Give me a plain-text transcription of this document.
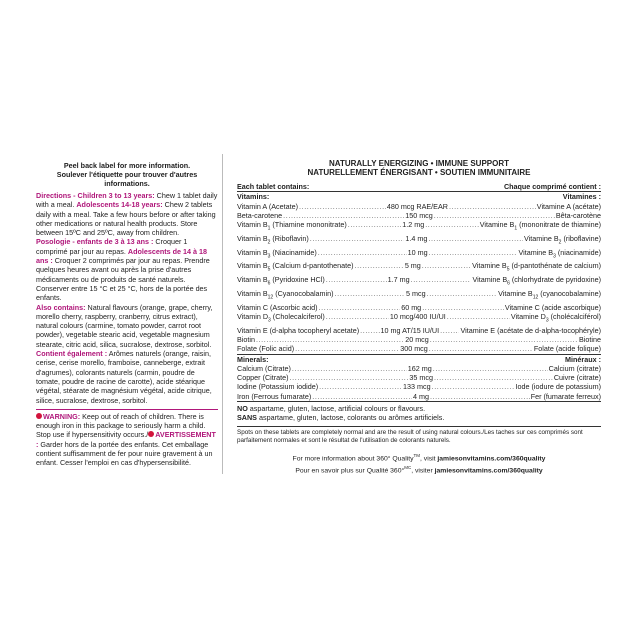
Peel back label for more information.
Soulever l'étiquette pour trouver d'autres informations.

Directions - Children 3 to 13 years: Chew 1 tablet daily with a meal. Adolescents 14-18 years: Chew 2 tablets daily with a meal. Take a few hours before or after taking other medications or natural health products. Store between 15ºC and 25ºC, away from children.

Posologie - enfants de 3 à 13 ans : Croquer 1 comprimé par jour au repas. Adolescents de 14 à 18 ans : Croquer 2 comprimés par jour au repas. Prendre quelques heures avant ou après la prise d'autres médicaments ou de produits de santé naturels. Conserver entre 15 °C et 25 °C, hors de la portée des enfants.

Also contains: Natural flavours (orange, grape, cherry, morello cherry, raspberry, cranberry, citrus extract), natural colours (carmine, tomato powder, carrot root powder), vegetable stearic acid, vegetable magnesium stearate, citric acid, silica, sucralose, dextrose, sorbitol.

Contient également : Arômes naturels (orange, raisin, cerise, cerise morello, framboise, canneberge, extrait d'agrumes), colorants naturels (carmin, poudre de tomate, poudre de racine de carotte), acide stéarique végétal, stéarate de magnésium végétal, acide citrique, silice, sucralose, dextrose, sorbitol.

WARNING: Keep out of reach of children. There is enough iron in this package to seriously harm a child. Stop use if hypersensitivity occurs./ AVERTISSEMENT : Garder hors de la portée des enfants. Cet emballage contient suffisamment de fer pour nuire gravement à un enfant. Cesser l'emploi en cas d'hypersensibilité.

NATURALLY ENERGIZING • IMMUNE SUPPORT
NATURELLEMENT ÉNERGISANT • SOUTIEN IMMUNITAIRE
Each tablet contains:	Chaque comprimé contient :
Vitamins:	Vitamines :
Vitamin A (Acetate) .....	480 mcg RAE/EAR .....	Vitamine A (acétate)
Beta-carotene .....	150 mcg .....	Bêta-carotène
Vitamin $B_1$ (Thiamine mononitrate) .....	1.2 mg .....	Vitamine $B_1$ (mononitrate de thiamine)
Vitamin $B_2$ (Riboflavin) .....	1.4 mg .....	Vitamine $B_2$ (riboflavine)
Vitamin $B_3$ (Niacinamide) .....	10 mg .....	Vitamine $B_3$ (niacinamide)
Vitamin $B_5$ (Calcium d-pantothenate) .....	5 mg .....	Vitamine $B_5$ (d-pantothénate de calcium)
Vitamin $B_6$ (Pyridoxine HCl) .....	1.7 mg .....	Vitamine $B_6$ (chlorhydrate de pyridoxine)
Vitamin $B_{12}$ (Cyanocobalamin) .....	5 mcg .....	Vitamine $B_{12}$ (cyanocobalamine)
Vitamin C (Ascorbic acid) .....	60 mg .....	Vitamine C (acide ascorbique)
Vitamin $D_3$ (Cholecalciferol) .....	10 mcg/400 IU/UI .....	Vitamine $D_3$ (cholécalciférol)
Vitamin E (d-alpha tocopheryl acetate) .....	10 mg AT/15 IU/UI .....	Vitamine E (acétate de d-alpha-tocophéryle)
Biotin .....	20 mcg .....	Biotine
Folate (Folic acid) .....	300 mcg .....	Folate (acide folique)
Minerals:	Minéraux :
Calcium (Citrate) .....	162 mg .....	Calcium (citrate)
Copper (Citrate) .....	35 mcg .....	Cuivre (citrate)
Iodine (Potassium iodide) .....	133 mcg .....	Iode (iodure de potassium)
Iron (Ferrous fumarate) .....	4 mg .....	Fer (fumarate ferreux)
NO aspartame, gluten, lactose, artificial colours or flavours.
SANS aspartame, gluten, lactose, colorants ou arômes artificiels.
Spots on these tablets are completely normal and are the result of using natural colours./Les taches sur ces comprimés sont parfaitement normales et sont le résultat de l'utilisation de colorants naturels.
For more information about 360° Quality™, visit jamiesonvitamins.com/360quality
Pour en savoir plus sur Qualité 360°$^{MC}$, visiter jamiesonvitamins.com/360quality
